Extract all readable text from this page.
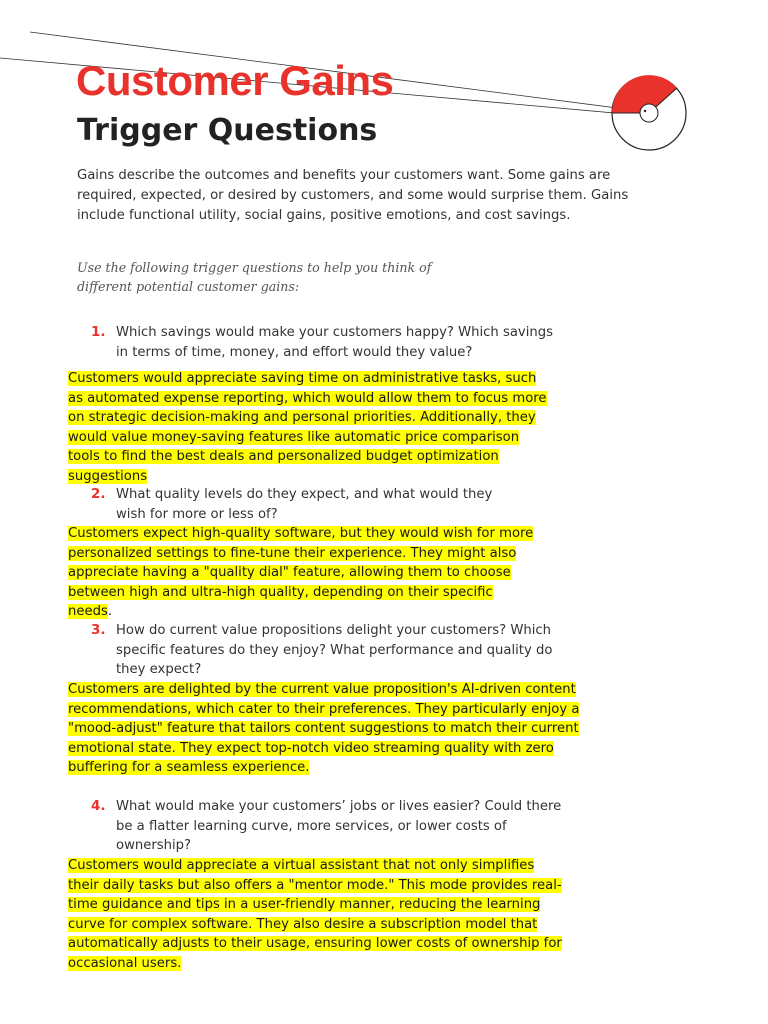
Customer Gains
Trigger Questions

Gains describe the outcomes and benefits your customers want. Some gains are required, expected, or desired by customers, and some would surprise them. Gains include functional utility, social gains, positive emotions, and cost savings.

Use the following trigger questions to help you think of different potential customer gains:

1. Which savings would make your customers happy? Which savings in terms of time, money, and effort would they value?

Customers would appreciate saving time on administrative tasks, such as automated expense reporting, which would allow them to focus more on strategic decision-making and personal priorities. Additionally, they would value money-saving features like automatic price comparison tools to find the best deals and personalized budget optimization suggestions

2. What quality levels do they expect, and what would they wish for more or less of?

Customers expect high-quality software, but they would wish for more personalized settings to fine-tune their experience. They might also appreciate having a "quality dial" feature, allowing them to choose between high and ultra-high quality, depending on their specific needs.

3. How do current value propositions delight your customers? Which specific features do they enjoy? What performance and quality do they expect?

Customers are delighted by the current value proposition's AI-driven content recommendations, which cater to their preferences. They particularly enjoy a "mood-adjust" feature that tailors content suggestions to match their current emotional state. They expect top-notch video streaming quality with zero buffering for a seamless experience.

4. What would make your customers’ jobs or lives easier? Could there be a flatter learning curve, more services, or lower costs of ownership?

Customers would appreciate a virtual assistant that not only simplifies their daily tasks but also offers a "mentor mode." This mode provides real-time guidance and tips in a user-friendly manner, reducing the learning curve for complex software. They also desire a subscription model that automatically adjusts to their usage, ensuring lower costs of ownership for occasional users.
